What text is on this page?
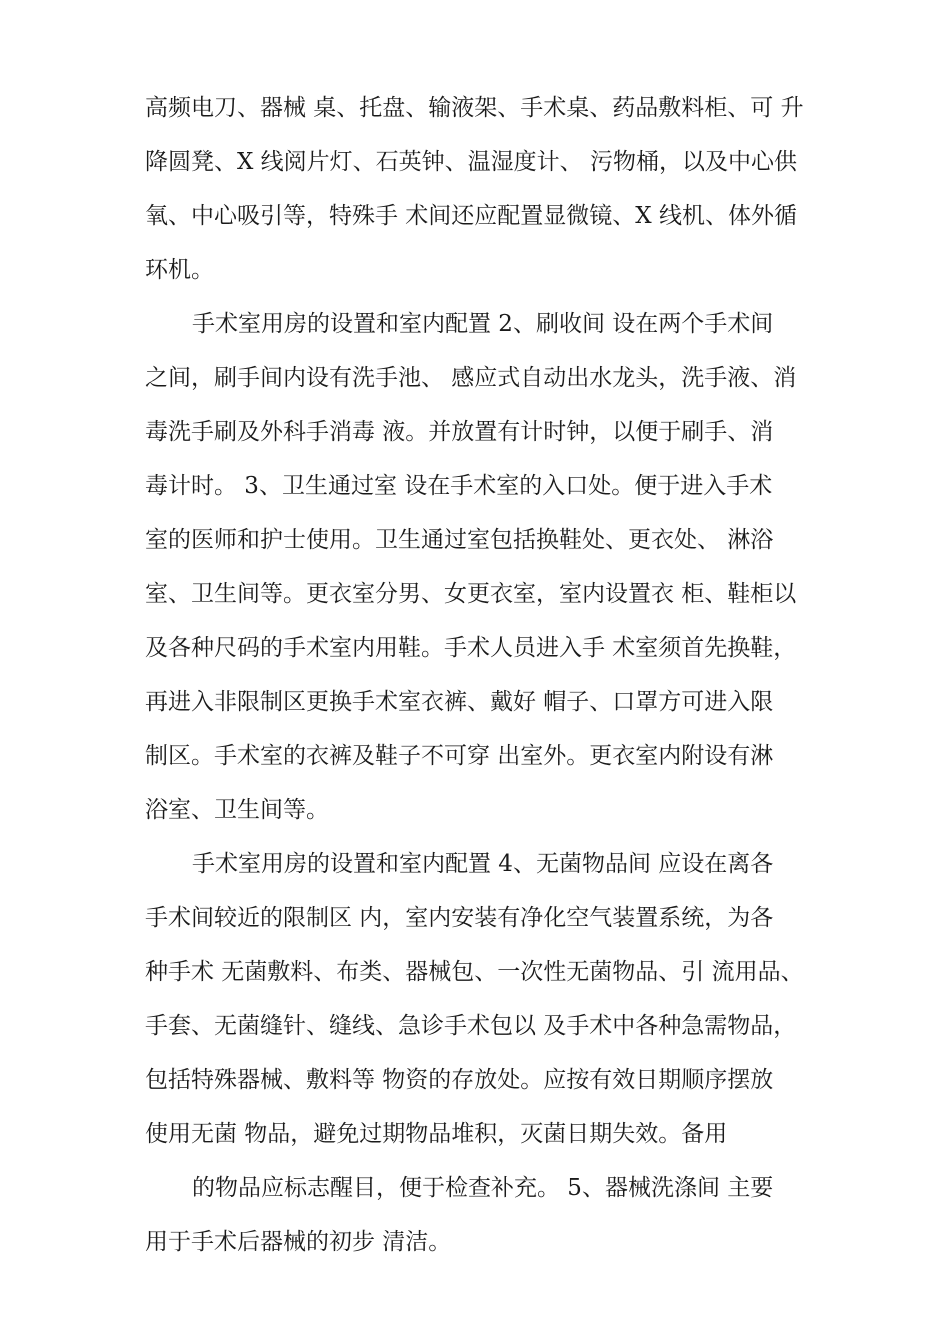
高频电刀、器械 桌、托盘、输液架、手术桌、药品敷料柜、可 升
降圆凳、X 线阅片灯、石英钟、温湿度计、 污物桶，以及中心供
氧、中心吸引等，特殊手 术间还应配置显微镜、X 线机、体外循
环机。
手术室用房的设置和室内配置 2、刷收间 设在两个手术间
之间，刷手间内设有洗手池、 感应式自动出水龙头，洗手液、消
毒洗手刷及外科手消毒 液。并放置有计时钟，以便于刷手、消
毒计时。 3、卫生通过室 设在手术室的入口处。便于进入手术
室的医师和护士使用。卫生通过室包括换鞋处、更衣处、 淋浴
室、卫生间等。更衣室分男、女更衣室，室内设置衣 柜、鞋柜以
及各种尺码的手术室内用鞋。手术人员进入手 术室须首先换鞋，
再进入非限制区更换手术室衣裤、戴好 帽子、口罩方可进入限
制区。手术室的衣裤及鞋子不可穿 出室外。更衣室内附设有淋
浴室、卫生间等。
手术室用房的设置和室内配置 4、无菌物品间 应设在离各
手术间较近的限制区 内，室内安装有净化空气装置系统，为各
种手术 无菌敷料、布类、器械包、一次性无菌物品、引 流用品、
手套、无菌缝针、缝线、急诊手术包以 及手术中各种急需物品，
包括特殊器械、敷料等 物资的存放处。应按有效日期顺序摆放
使用无菌 物品，避免过期物品堆积，灭菌日期失效。备用
的物品应标志醒目，便于检查补充。 5、器械洗涤间 主要
用于手术后器械的初步 清洁。
